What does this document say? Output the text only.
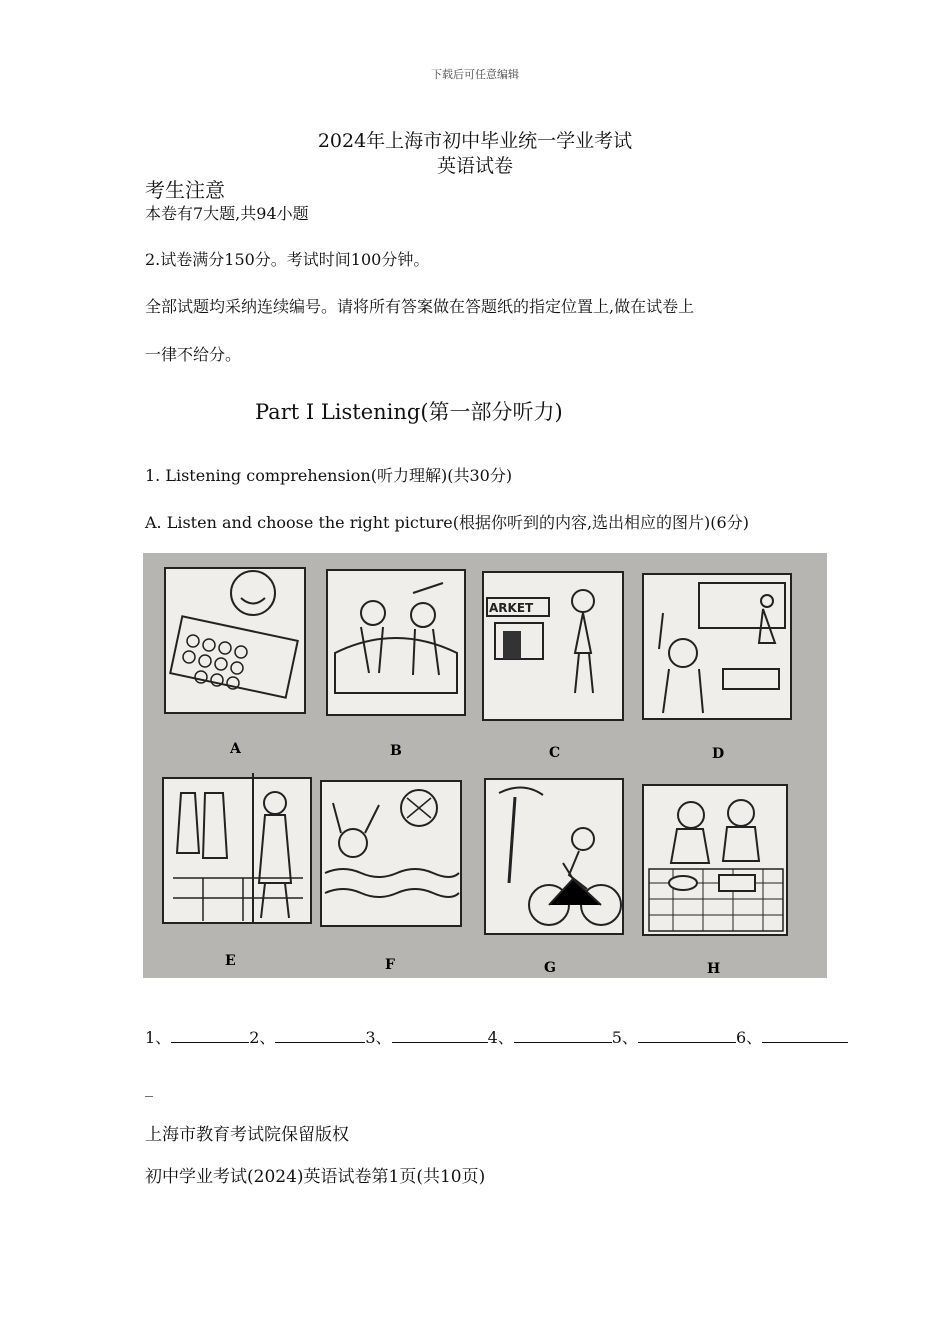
下载后可任意编辑
2024年上海市初中毕业统一学业考试
英语试卷
考生注意
本卷有7大题,共94小题
2.试卷满分150分。考试时间100分钟。
全部试题均采纳连续编号。请将所有答案做在答题纸的指定位置上,做在试卷上
一律不给分。
Part I Listening(第一部分听力)
1. Listening comprehension(听力理解)(共30分)
A. Listen and choose the right picture(根据你听到的内容,选出相应的图片)(6分)
ARKET
A	B	C	D
E	F	G	H
1、	2、	3、	4、	5、	6、
_
上海市教育考试院保留版权
初中学业考试(2024)英语试卷第1页(共10页)
